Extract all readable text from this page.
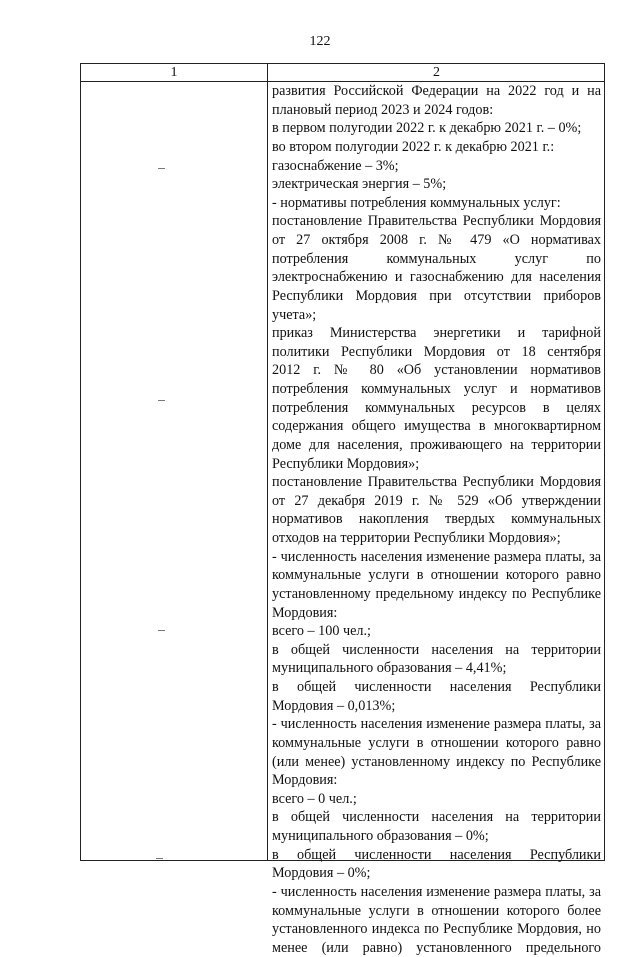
122
1	2
развития Российской Федерации на 2022 год и на
плановый период 2023 и 2024 годов:
в первом полугодии 2022 г. к декабрю 2021 г. – 0%;
во втором полугодии 2022 г. к декабрю 2021 г.:
газоснабжение – 3%;
электрическая энергия – 5%;
- нормативы потребления коммунальных услуг:
постановление Правительства Республики Мордовия
от 27 октября 2008 г. № 479 «О нормативах
потребления коммунальных услуг по
электроснабжению и газоснабжению для населения
Республики Мордовия при отсутствии приборов
учета»;
приказ Министерства энергетики и тарифной
политики Республики Мордовия от 18 сентября
2012 г. № 80 «Об установлении нормативов
потребления коммунальных услуг и нормативов
потребления коммунальных ресурсов в целях
содержания общего имущества в многоквартирном
доме для населения, проживающего на территории
Республики Мордовия»;
постановление Правительства Республики Мордовия
от 27 декабря 2019 г. № 529 «Об утверждении
нормативов накопления твердых коммунальных
отходов на территории Республики Мордовия»;
- численность населения изменение размера платы, за
коммунальные услуги в отношении которого равно
установленному предельному индексу по Республике
Мордовия:
всего – 100 чел.;
в общей численности населения на территории
муниципального образования – 4,41%;
в общей численности населения Республики
Мордовия – 0,013%;
- численность населения изменение размера платы, за
коммунальные услуги в отношении которого равно
(или менее) установленному индексу по Республике
Мордовия:
всего – 0 чел.;
в общей численности населения на территории
муниципального образования – 0%;
в общей численности населения Республики
Мордовия – 0%;
- численность населения изменение размера платы, за
коммунальные услуги в отношении которого более
установленного индекса по Республике Мордовия, но
менее (или равно) установленного предельного
